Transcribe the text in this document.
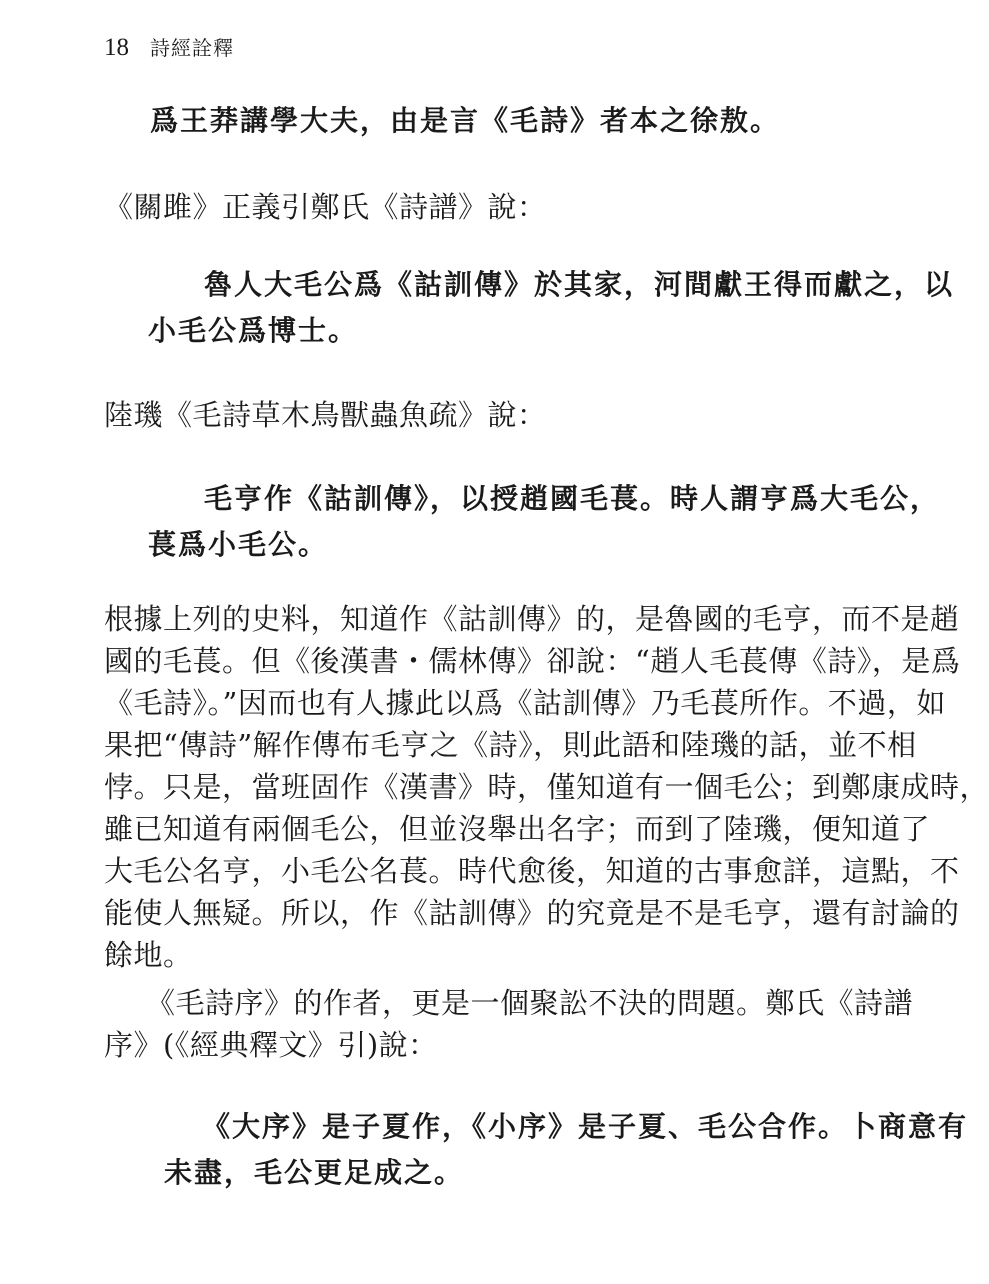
18 詩經詮釋
爲王莽講學大夫，由是言《毛詩》者本之徐敖。
《關雎》正義引鄭氏《詩譜》說：
魯人大毛公爲《詁訓傳》於其家，河間獻王得而獻之，以
小毛公爲博士。
陸璣《毛詩草木鳥獸蟲魚疏》說：
毛亨作《詁訓傳》，以授趙國毛萇。時人謂亨爲大毛公，
萇爲小毛公。
根據上列的史料，知道作《詁訓傳》的，是魯國的毛亨，而不是趙
國的毛萇。但《後漢書・儒林傳》卻說：“趙人毛萇傳《詩》，是爲
《毛詩》。”因而也有人據此以爲《詁訓傳》乃毛萇所作。不過，如
果把“傳詩”解作傳布毛亨之《詩》，則此語和陸璣的話，並不相
悖。只是，當班固作《漢書》時，僅知道有一個毛公；到鄭康成時，
雖已知道有兩個毛公，但並沒舉出名字；而到了陸璣，便知道了
大毛公名亨，小毛公名萇。時代愈後，知道的古事愈詳，這點，不
能使人無疑。所以，作《詁訓傳》的究竟是不是毛亨，還有討論的
餘地。
《毛詩序》的作者，更是一個聚訟不決的問題。鄭氏《詩譜
序》(《經典釋文》引)說：
《大序》是子夏作，《小序》是子夏、毛公合作。卜商意有
未盡，毛公更足成之。
